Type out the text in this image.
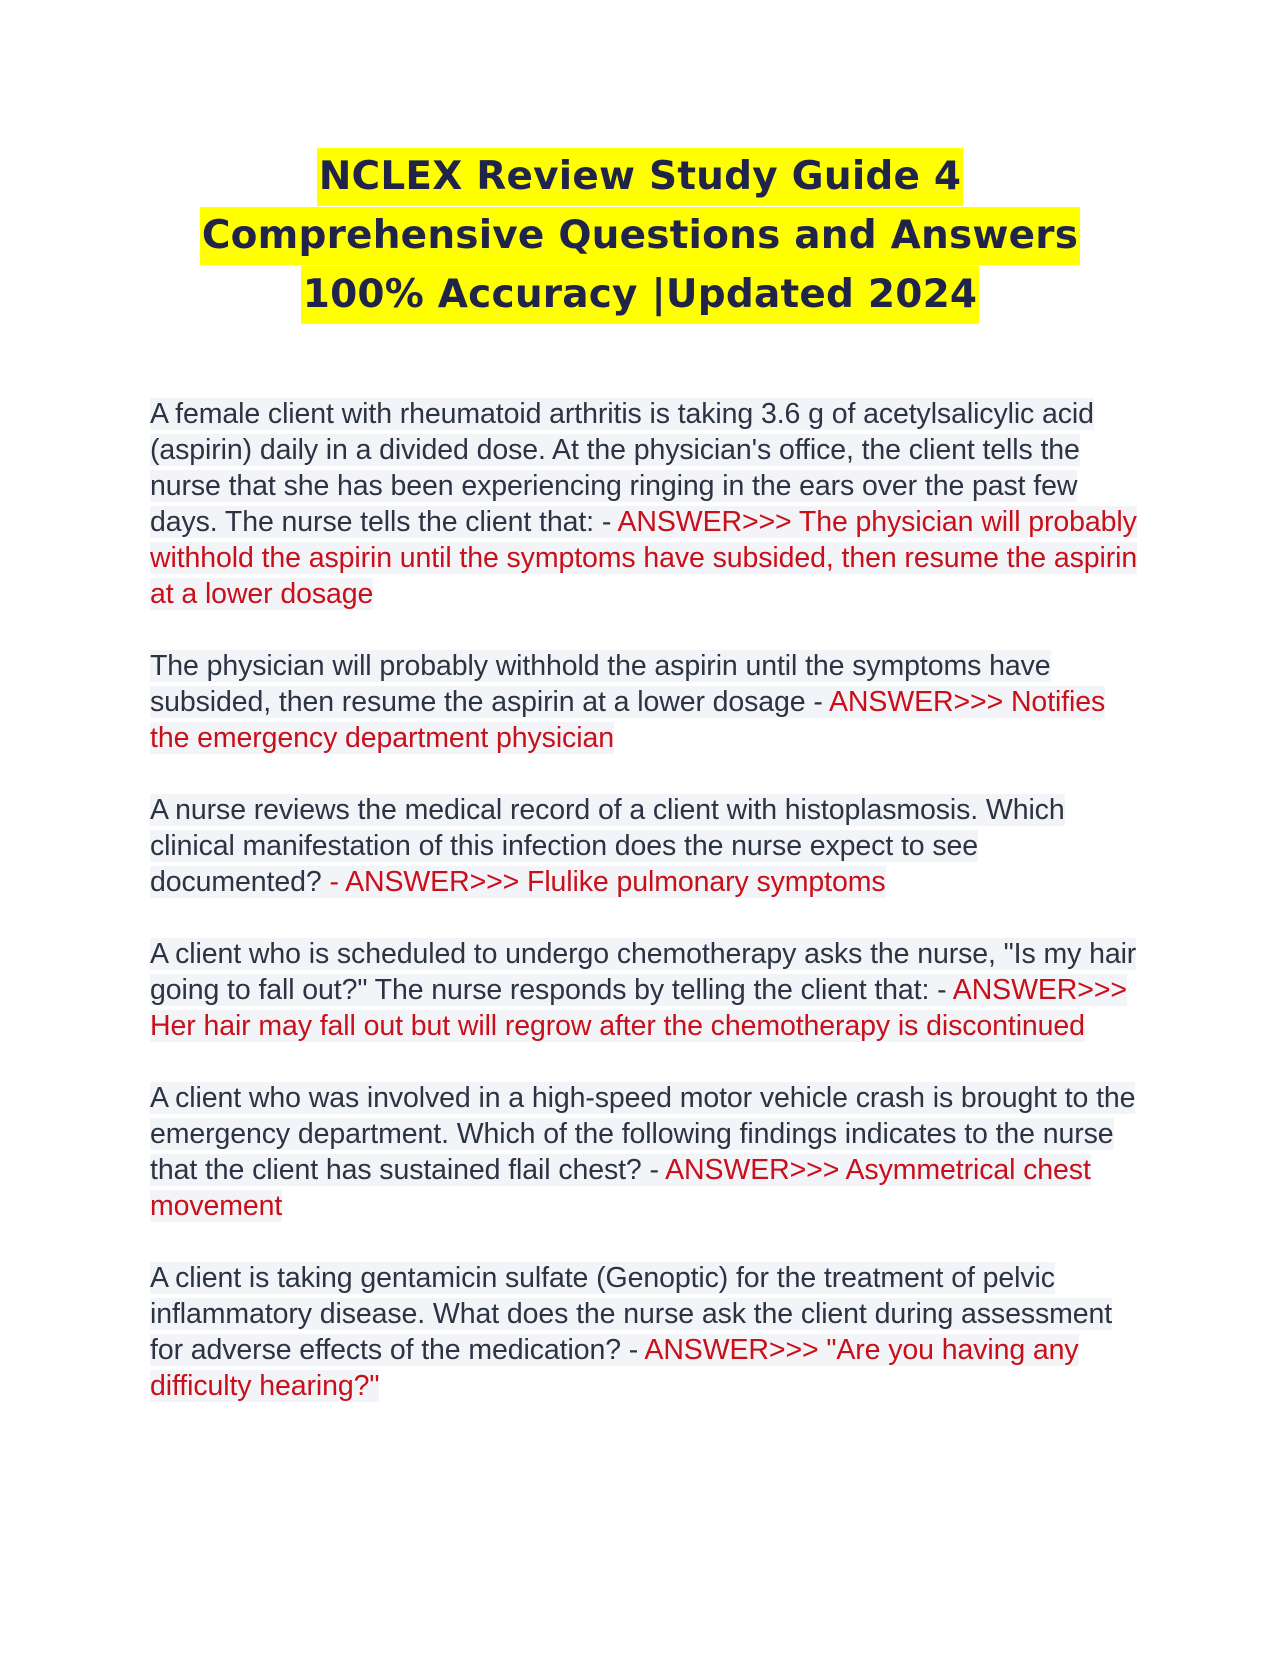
NCLEX Review Study Guide 4
Comprehensive Questions and Answers
100% Accuracy |Updated 2024
A female client with rheumatoid arthritis is taking 3.6 g of acetylsalicylic acid (aspirin) daily in a divided dose. At the physician's office, the client tells the nurse that she has been experiencing ringing in the ears over the past few days. The nurse tells the client that: - ANSWER>>> The physician will probably withhold the aspirin until the symptoms have subsided, then resume the aspirin at a lower dosage
The physician will probably withhold the aspirin until the symptoms have subsided, then resume the aspirin at a lower dosage - ANSWER>>> Notifies the emergency department physician
A nurse reviews the medical record of a client with histoplasmosis. Which clinical manifestation of this infection does the nurse expect to see documented? - ANSWER>>> Flulike pulmonary symptoms
A client who is scheduled to undergo chemotherapy asks the nurse, "Is my hair going to fall out?" The nurse responds by telling the client that: - ANSWER>>> Her hair may fall out but will regrow after the chemotherapy is discontinued
A client who was involved in a high-speed motor vehicle crash is brought to the emergency department. Which of the following findings indicates to the nurse that the client has sustained flail chest? - ANSWER>>> Asymmetrical chest movement
A client is taking gentamicin sulfate (Genoptic) for the treatment of pelvic inflammatory disease. What does the nurse ask the client during assessment for adverse effects of the medication? - ANSWER>>> "Are you having any difficulty hearing?"
